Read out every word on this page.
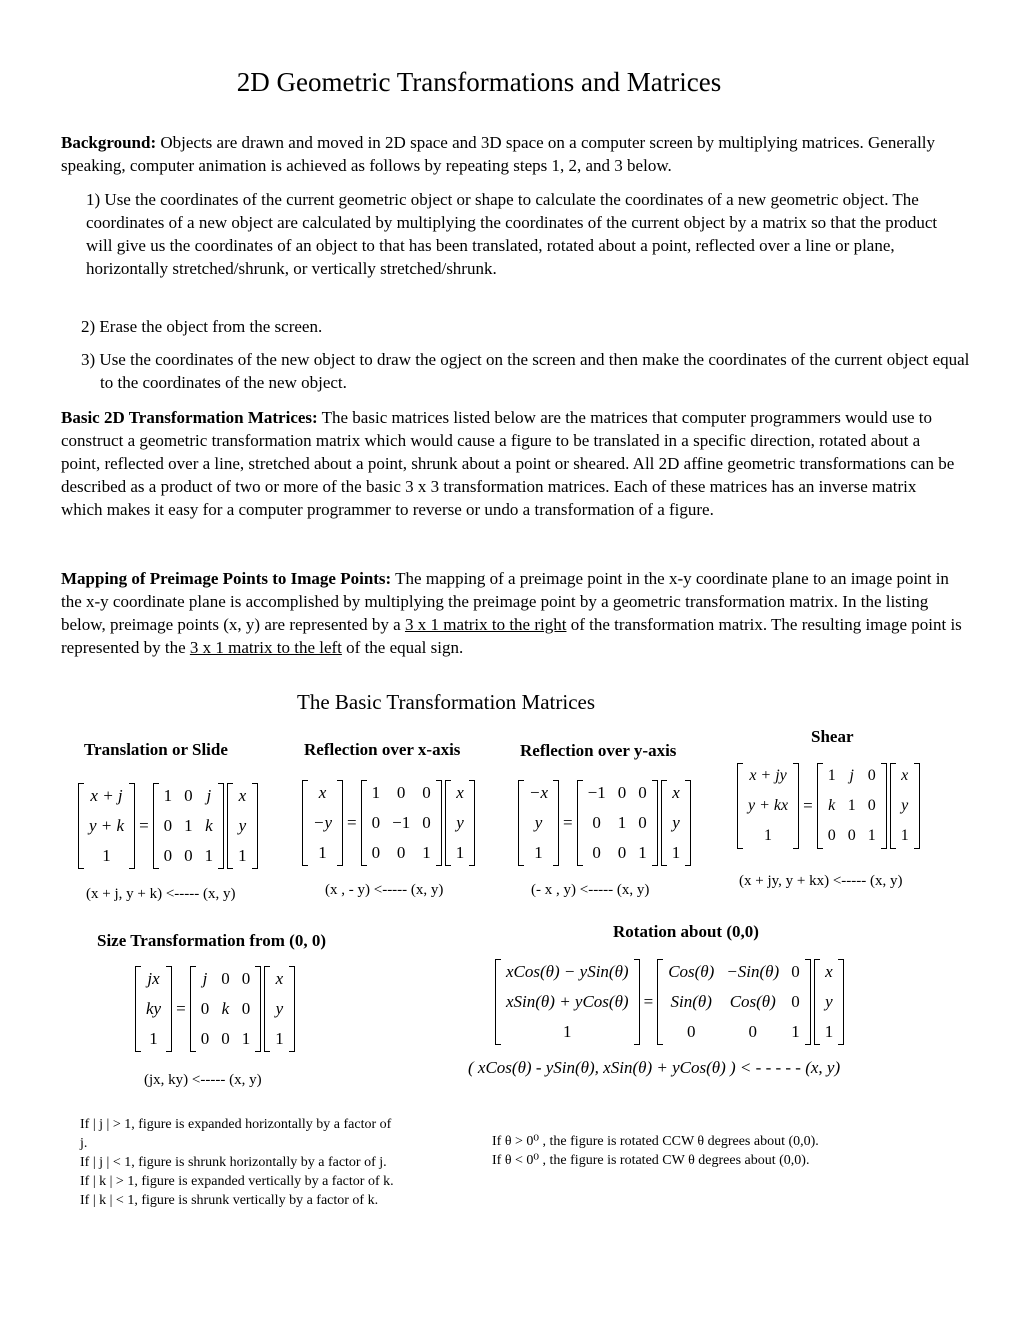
2D Geometric Transformations and Matrices

Background: Objects are drawn and moved in 2D space and 3D space on a computer screen by multiplying matrices. Generally speaking, computer animation is achieved as follows by repeating steps 1, 2, and 3 below.

1) Use the coordinates of the current geometric object or shape to calculate the coordinates of a new geometric object. The coordinates of a new object are calculated by multiplying the coordinates of the current object by a matrix so that the product will give us the coordinates of an object to that has been translated, rotated about a point, reflected over a line or plane, horizontally stretched/shrunk, or vertically stretched/shrunk.

2) Erase the object from the screen.

3) Use the coordinates of the new object to draw the ogject on the screen and then make the coordinates of the current object equal to the coordinates of the new object.

Basic 2D Transformation Matrices: The basic matrices listed below are the matrices that computer programmers would use to construct a geometric transformation matrix which would cause a figure to be translated in a specific direction, rotated about a point, reflected over a line, stretched about a point, shrunk about a point or sheared. All 2D affine geometric transformations can be described as a product of two or more of the basic 3 x 3 transformation matrices. Each of these matrices has an inverse matrix which makes it easy for a computer programmer to reverse or undo a transformation of a figure.

Mapping of Preimage Points to Image Points: The mapping of a preimage point in the x-y coordinate plane to an image point in the x-y coordinate plane is accomplished by multiplying the preimage point by a geometric transformation matrix. In the listing below, preimage points (x, y) are represented by a 3 x 1 matrix to the right of the transformation matrix. The resulting image point is represented by the 3 x 1 matrix to the left of the equal sign.

The Basic Transformation Matrices
Translation or Slide
x + j
y + k
1
=
1 0 j
0 1 k
0 0 1
x
y
1
(x + j, y + k) <----- (x, y)
Reflection over x-axis
x
−y
1
=
1 0 0
0 −1 0
0 0 1
x
y
1
(x , - y) <----- (x, y)
Reflection over y-axis
−x
y
1
=
−1 0 0
0 1 0
0 0 1
x
y
1
(- x , y) <----- (x, y)
Shear
x + jy
y + kx
1
=
1 j 0
k 1 0
0 0 1
x
y
1
(x + jy, y + kx) <----- (x, y)
Size Transformation from (0, 0)
jx
ky
1
=
j 0 0
0 k 0
0 0 1
x
y
1
(jx, ky) <----- (x, y)
If | j | > 1, figure is expanded horizontally by a factor of
j.
If | j | < 1, figure is shrunk horizontally by a factor of j.
If | k | > 1, figure is expanded vertically by a factor of k.
If | k | < 1, figure is shrunk vertically by a factor of k.
Rotation about (0,0)
xCos(θ) − ySin(θ)
xSin(θ) + yCos(θ)
1
=
Cos(θ) −Sin(θ) 0
Sin(θ)	Cos(θ) 0
0	0	1
x
y
1
( xCos(θ) - ySin(θ), xSin(θ) + yCos(θ) ) < - - - - - (x, y)
If θ > 0⁰ , the figure is rotated CCW θ degrees about (0,0).
If θ < 0⁰ , the figure is rotated CW θ degrees about (0,0).
